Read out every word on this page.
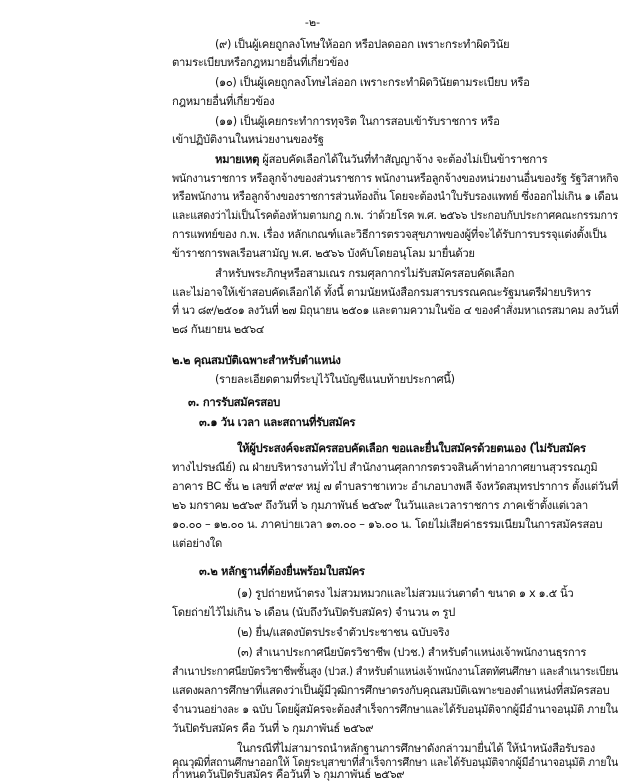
-๒-
(๙) เป็นผู้เคยถูกลงโทษให้ออก หรือปลดออก เพราะกระทำผิดวินัย
ตามระเบียบหรือกฎหมายอื่นที่เกี่ยวข้อง
(๑๐) เป็นผู้เคยถูกลงโทษไล่ออก เพราะกระทำผิดวินัยตามระเบียบ หรือ
กฎหมายอื่นที่เกี่ยวข้อง
(๑๑) เป็นผู้เคยกระทำการทุจริต ในการสอบเข้ารับราชการ หรือ
เข้าปฏิบัติงานในหน่วยงานของรัฐ
หมายเหตุ ผู้สอบคัดเลือกได้ในวันที่ทำสัญญาจ้าง จะต้องไม่เป็นข้าราชการ
พนักงานราชการ หรือลูกจ้างของส่วนราชการ พนักงานหรือลูกจ้างของหน่วยงานอื่นของรัฐ รัฐวิสาหกิจ
หรือพนักงาน หรือลูกจ้างของราชการส่วนท้องถิ่น โดยจะต้องนำใบรับรองแพทย์ ซึ่งออกไม่เกิน ๑ เดือน
และแสดงว่าไม่เป็นโรคต้องห้ามตามกฎ ก.พ. ว่าด้วยโรค พ.ศ. ๒๕๖๖ ประกอบกับประกาศคณะกรรมการ
การแพทย์ของ ก.พ. เรื่อง หลักเกณฑ์และวิธีการตรวจสุขภาพของผู้ที่จะได้รับการบรรจุแต่งตั้งเป็น
ข้าราชการพลเรือนสามัญ พ.ศ. ๒๕๖๖ บังคับโดยอนุโลม มายื่นด้วย
สำหรับพระภิกษุหรือสามเณร กรมศุลกากรไม่รับสมัครสอบคัดเลือก
และไม่อาจให้เข้าสอบคัดเลือกได้ ทั้งนี้ ตามนัยหนังสือกรมสารบรรณคณะรัฐมนตรีฝ่ายบริหาร
ที่ นว ๘๙/๒๕๐๑ ลงวันที่ ๒๗ มิถุนายน ๒๕๐๑ และตามความในข้อ ๔ ของคำสั่งมหาเถรสมาคม ลงวันที่
๒๘ กันยายน ๒๕๖๔
๒.๒ คุณสมบัติเฉพาะสำหรับตำแหน่ง
(รายละเอียดตามที่ระบุไว้ในบัญชีแนบท้ายประกาศนี้)
๓. การรับสมัครสอบ
๓.๑ วัน เวลา และสถานที่รับสมัคร
ให้ผู้ประสงค์จะสมัครสอบคัดเลือก ขอและยื่นใบสมัครด้วยตนเอง (ไม่รับสมัคร
ทางไปรษณีย์) ณ ฝ่ายบริหารงานทั่วไป สำนักงานศุลกากรตรวจสินค้าท่าอากาศยานสุวรรณภูมิ
อาคาร BC ชั้น ๒ เลขที่ ๙๙๙ หมู่ ๗ ตำบลราชาเทวะ อำเภอบางพลี จังหวัดสมุทรปราการ ตั้งแต่วันที่
๒๖ มกราคม ๒๕๖๙ ถึงวันที่ ๖ กุมภาพันธ์ ๒๕๖๙ ในวันและเวลาราชการ ภาคเช้าตั้งแต่เวลา
๑๐.๐๐ – ๑๒.๐๐ น. ภาคบ่ายเวลา ๑๓.๐๐ – ๑๖.๐๐ น. โดยไม่เสียค่าธรรมเนียมในการสมัครสอบ
แต่อย่างใด
๓.๒ หลักฐานที่ต้องยื่นพร้อมใบสมัคร
(๑) รูปถ่ายหน้าตรง ไม่สวมหมวกและไม่สวมแว่นตาดำ ขนาด ๑ x ๑.๕ นิ้ว
โดยถ่ายไว้ไม่เกิน ๖ เดือน (นับถึงวันปิดรับสมัคร) จำนวน ๓ รูป
(๒) ยื่น/แสดงบัตรประจำตัวประชาชน ฉบับจริง
(๓) สำเนาประกาศนียบัตรวิชาชีพ (ปวช.) สำหรับตำแหน่งเจ้าพนักงานธุรการ
สำเนาประกาศนียบัตรวิชาชีพชั้นสูง (ปวส.) สำหรับตำแหน่งเจ้าพนักงานโสตทัศนศึกษา และสำเนาระเบียน
แสดงผลการศึกษาที่แสดงว่าเป็นผู้มีวุฒิการศึกษาตรงกับคุณสมบัติเฉพาะของตำแหน่งที่สมัครสอบ
จำนวนอย่างละ ๑ ฉบับ โดยผู้สมัครจะต้องสำเร็จการศึกษาและได้รับอนุมัติจากผู้มีอำนาจอนุมัติ ภายใน
วันปิดรับสมัคร คือ วันที่ ๖ กุมภาพันธ์ ๒๕๖๙
ในกรณีที่ไม่สามารถนำหลักฐานการศึกษาดังกล่าวมายื่นได้ ให้นำหนังสือรับรอง
คุณวุฒิที่สถานศึกษาออกให้ โดยระบุสาขาที่สำเร็จการศึกษา และได้รับอนุมัติจากผู้มีอำนาจอนุมัติ ภายใน
กำหนดวันปิดรับสมัคร คือวันที่ ๖ กุมภาพันธ์ ๒๕๖๙
